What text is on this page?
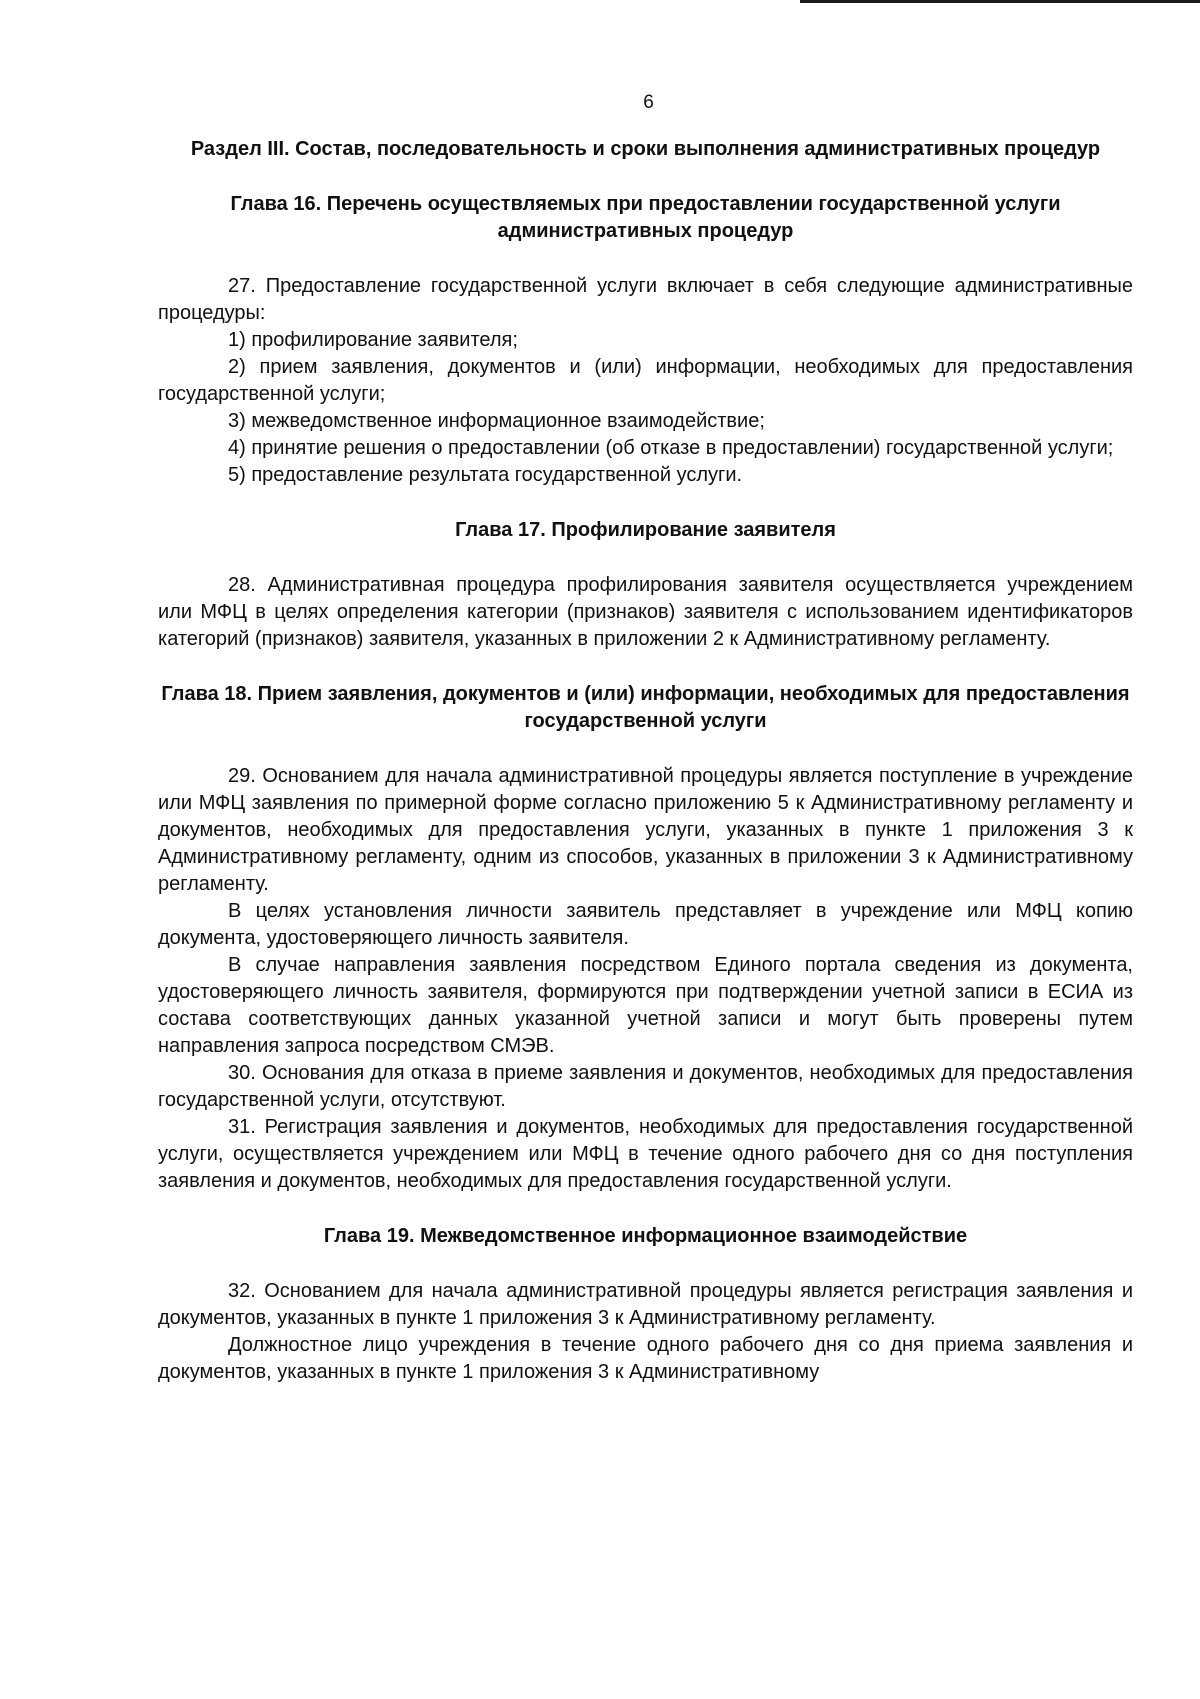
6

Раздел III. Состав, последовательность и сроки выполнения административных процедур

Глава 16. Перечень осуществляемых при предоставлении государственной услуги административных процедур

27. Предоставление государственной услуги включает в себя следующие административные процедуры:

1) профилирование заявителя;

2) прием заявления, документов и (или) информации, необходимых для предоставления государственной услуги;

3) межведомственное информационное взаимодействие;

4) принятие решения о предоставлении (об отказе в предоставлении) государственной услуги;

5) предоставление результата государственной услуги.

Глава 17. Профилирование заявителя

28. Административная процедура профилирования заявителя осуществляется учреждением или МФЦ в целях определения категории (признаков) заявителя с использованием идентификаторов категорий (признаков) заявителя, указанных в приложении 2 к Административному регламенту.

Глава 18. Прием заявления, документов и (или) информации, необходимых для предоставления государственной услуги

29. Основанием для начала административной процедуры является поступление в учреждение или МФЦ заявления по примерной форме согласно приложению 5 к Административному регламенту и документов, необходимых для предоставления услуги, указанных в пункте 1 приложения 3 к Административному регламенту, одним из способов, указанных в приложении 3 к Административному регламенту.

В целях установления личности заявитель представляет в учреждение или МФЦ копию документа, удостоверяющего личность заявителя.

В случае направления заявления посредством Единого портала сведения из документа, удостоверяющего личность заявителя, формируются при подтверждении учетной записи в ЕСИА из состава соответствующих данных указанной учетной записи и могут быть проверены путем направления запроса посредством СМЭВ.

30. Основания для отказа в приеме заявления и документов, необходимых для предоставления государственной услуги, отсутствуют.

31. Регистрация заявления и документов, необходимых для предоставления государственной услуги, осуществляется учреждением или МФЦ в течение одного рабочего дня со дня поступления заявления и документов, необходимых для предоставления государственной услуги.

Глава 19. Межведомственное информационное взаимодействие

32. Основанием для начала административной процедуры является регистрация заявления и документов, указанных в пункте 1 приложения 3 к Административному регламенту.

Должностное лицо учреждения в течение одного рабочего дня со дня приема заявления и документов, указанных в пункте 1 приложения 3 к Административному
